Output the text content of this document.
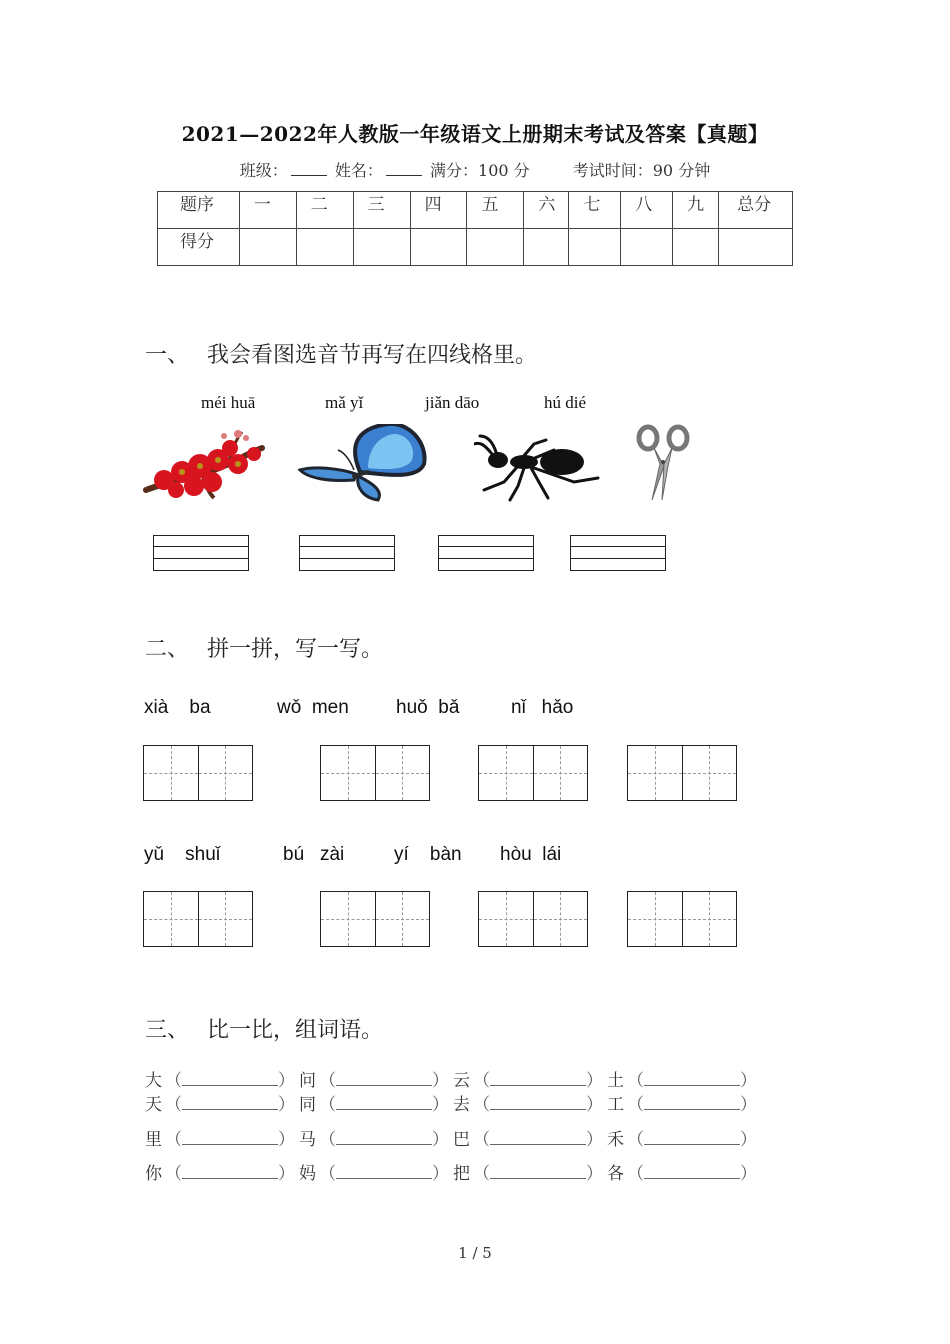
2021—2022年人教版一年级语文上册期末考试及答案【真题】
班级：	姓名：	满分：100 分	考试时间：90 分钟
题序	一	二	三	四	五	六	七	八	九	总分
得分										
一、 我会看图选音节再写在四线格里。
méi huā	mǎ yǐ	jiǎn dāo	hú dié
二、 拼一拼，写一写。
xià    ba	wǒ  men huǒ  bǎ	nǐ   hǎo
yǔ    shuǐ	bú   zài	yí    bàn hòu  lái
三、 比一比，组词语。
大 （	） 问 （	） 云 （	） 土 （	）
天 （	） 同 （	） 去 （	） 工 （	）
里 （	） 马 （	） 巴 （	） 禾 （	）
你 （	） 妈 （	） 把 （	） 各 （	）
1 / 5
